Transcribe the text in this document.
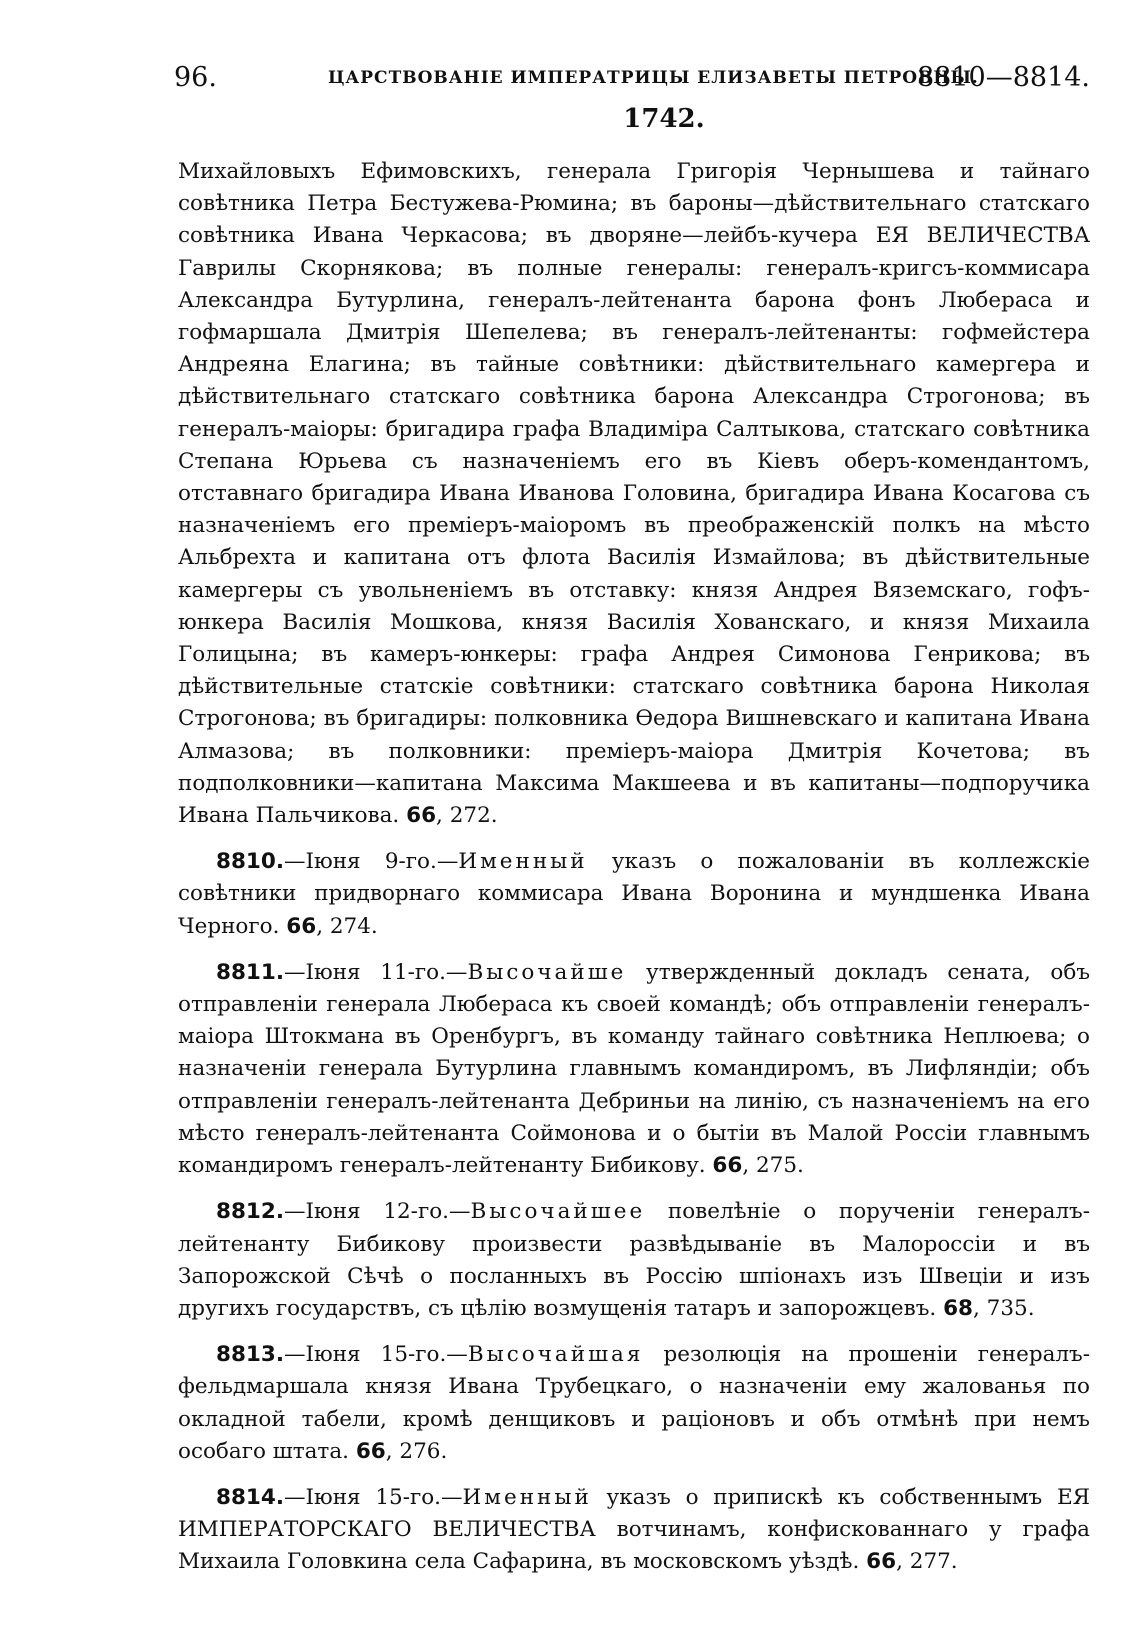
96.	ЦАРСТВОВАНІЕ ИМПЕРАТРИЦЫ ЕЛИЗАВЕТЫ ПЕТРОВНЫ.
8810—8814.
1742.

Михайловыхъ Ефимовскихъ, генерала Григорія Чернышева и тайнаго совѣтника Петра Бестужева-Рюмина; въ бароны—дѣйствительнаго статскаго совѣтника Ивана Черкасова; въ дворяне—лейбъ-кучера ЕЯ ВЕЛИЧЕСТВА Гаврилы Скорнякова; въ полные генералы: генералъ-кригсъ-коммисара Александра Бутурлина, генералъ-лейтенанта барона фонъ Любераса и гофмаршала Дмитрія Шепелева; въ генералъ-лейтенанты: гофмейстера Андреяна Елагина; въ тайные совѣтники: дѣйствительнаго камергера и дѣйствительнаго статскаго совѣтника барона Александра Строгонова; въ генералъ-маіоры: бригадира графа Владиміра Салтыкова, статскаго совѣтника Степана Юрьева съ назначеніемъ его въ Кіевъ оберъ-комендантомъ, отставнаго бригадира Ивана Иванова Головина, бригадира Ивана Косагова съ назначеніемъ его преміеръ-маіоромъ въ преображенскій полкъ на мѣсто Альбрехта и капитана отъ флота Василія Измайлова; въ дѣйствительные камергеры съ увольненіемъ въ отставку: князя Андрея Вяземскаго, гофъ-юнкера Василія Мошкова, князя Василія Хованскаго, и князя Михаила Голицына; въ камеръ-юнкеры: графа Андрея Симонова Генрикова; въ дѣйствительные статскіе совѣтники: статскаго совѣтника барона Николая Строгонова; въ бригадиры: полковника Ѳедора Вишневскаго и капитана Ивана Алмазова; въ полковники: преміеръ-маіора Дмитрія Кочетова; въ подполковники—капитана Максима Макшеева и въ капитаны—подпоручика Ивана Пальчикова. 66, 272.

8810.—Іюня 9-го.—Именный указъ о пожалованіи въ коллежскіе совѣтники придворнаго коммисара Ивана Воронина и мундшенка Ивана Черного. 66, 274.

8811.—Іюня 11-го.—Высочайше утвержденный докладъ сената, объ отправленіи генерала Любераса къ своей командѣ; объ отправленіи генералъ-маіора Штокмана въ Оренбургъ, въ команду тайнаго совѣтника Неплюева; о назначеніи генерала Бутурлина главнымъ командиромъ, въ Лифляндіи; объ отправленіи генералъ-лейтенанта Дебриньи на линію, съ назначеніемъ на его мѣсто генералъ-лейтенанта Соймонова и о бытіи въ Малой Россіи главнымъ командиромъ генералъ-лейтенанту Бибикову. 66, 275.

8812.—Іюня 12-го.—Высочайшее повелѣніе о порученіи генералъ-лейтенанту Бибикову произвести развѣдываніе въ Малороссіи и въ Запорожской Сѣчѣ о посланныхъ въ Россію шпіонахъ изъ Швеціи и изъ другихъ государствъ, съ цѣлію возмущенія татаръ и запорожцевъ. 68, 735.

8813.—Іюня 15-го.—Высочайшая резолюція на прошеніи генералъ-фельдмаршала князя Ивана Трубецкаго, о назначеніи ему жалованья по окладной табели, кромѣ денщиковъ и раціоновъ и объ отмѣнѣ при немъ особаго штата. 66, 276.

8814.—Іюня 15-го.—Именный указъ о припискѣ къ собственнымъ ЕЯ ИМПЕРАТОРСКАГО ВЕЛИЧЕСТВА вотчинамъ, конфискованнаго у графа Михаила Головкина села Сафарина, въ московскомъ уѣздѣ. 66, 277.
